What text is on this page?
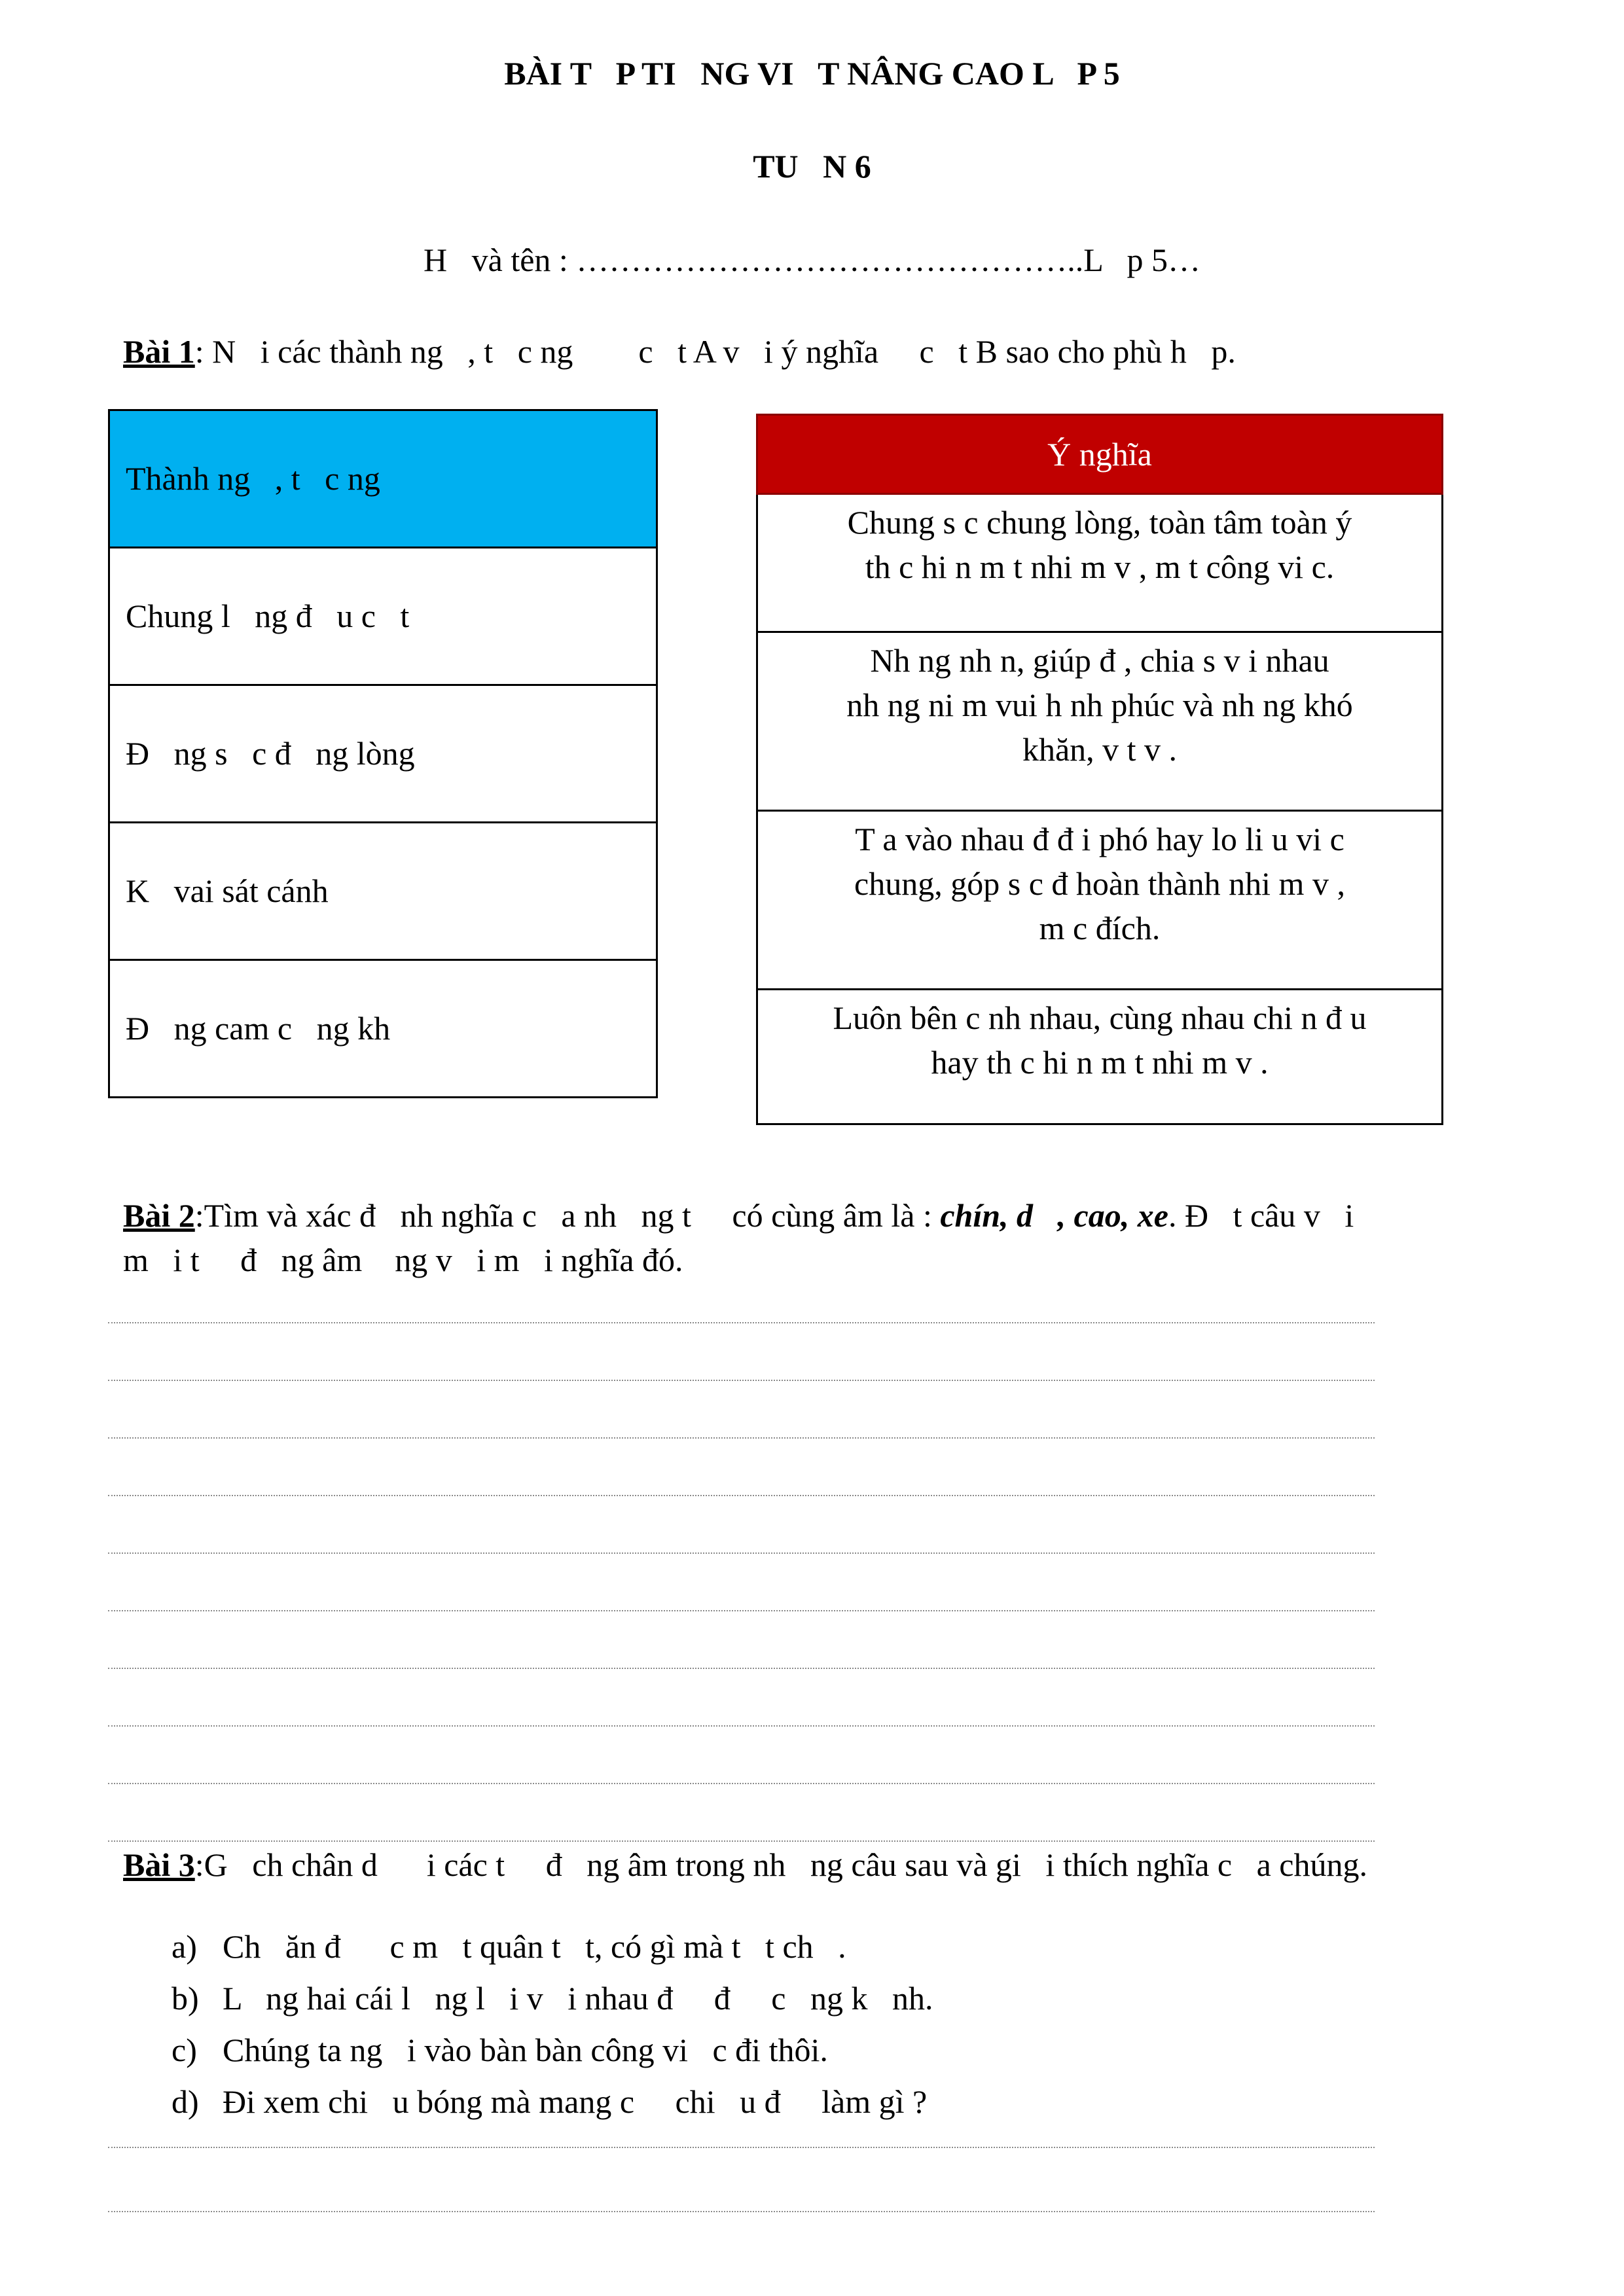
BÀI T   P TI   NG VI   T NÂNG CAO L   P 5
TU   N 6
H   và tên : ………………………………………..L   p 5…
Bài 1: N   i các thành ng   , t   c ng        c   t A v   i ý nghĩa     c   t B sao cho phù h   p.
Thành ng   , t   c ng
Chung l   ng đ   u c   t
Đ   ng s   c đ   ng lòng
K   vai sát cánh
Đ   ng cam c   ng kh
Ý nghĩa
Chung s c chung lòng, toàn tâm toàn ý
th c hi n m t nhi m v , m t công vi c.
Nh ng nh n, giúp đ , chia s v i nhau
nh ng ni m vui h nh phúc và nh ng khó
khăn, v t v .
T a vào nhau đ đ i phó hay lo li u vi c
chung, góp s c đ hoàn thành nhi m v ,
m c đích.
Luôn bên c nh nhau, cùng nhau chi n đ u
hay th c hi n m t nhi m v .
Bài 2:Tìm và xác đ   nh nghĩa c   a nh   ng t     có cùng âm là : chín, d   , cao, xe. Đ   t câu v   i
m   i t     đ   ng âm    ng v   i m   i nghĩa đó.
Bài 3:G   ch chân d      i các t     đ   ng âm trong nh   ng câu sau và gi   i thích nghĩa c   a chúng.
a) Ch   ăn đ      c m   t quân t   t, có gì mà t   t ch   .
b) L   ng hai cái l   ng l   i v   i nhau đ     đ     c   ng k   nh.
c) Chúng ta ng   i vào bàn bàn công vi   c đi thôi.
d) Đi xem chi   u bóng mà mang c     chi   u đ     làm gì ?
